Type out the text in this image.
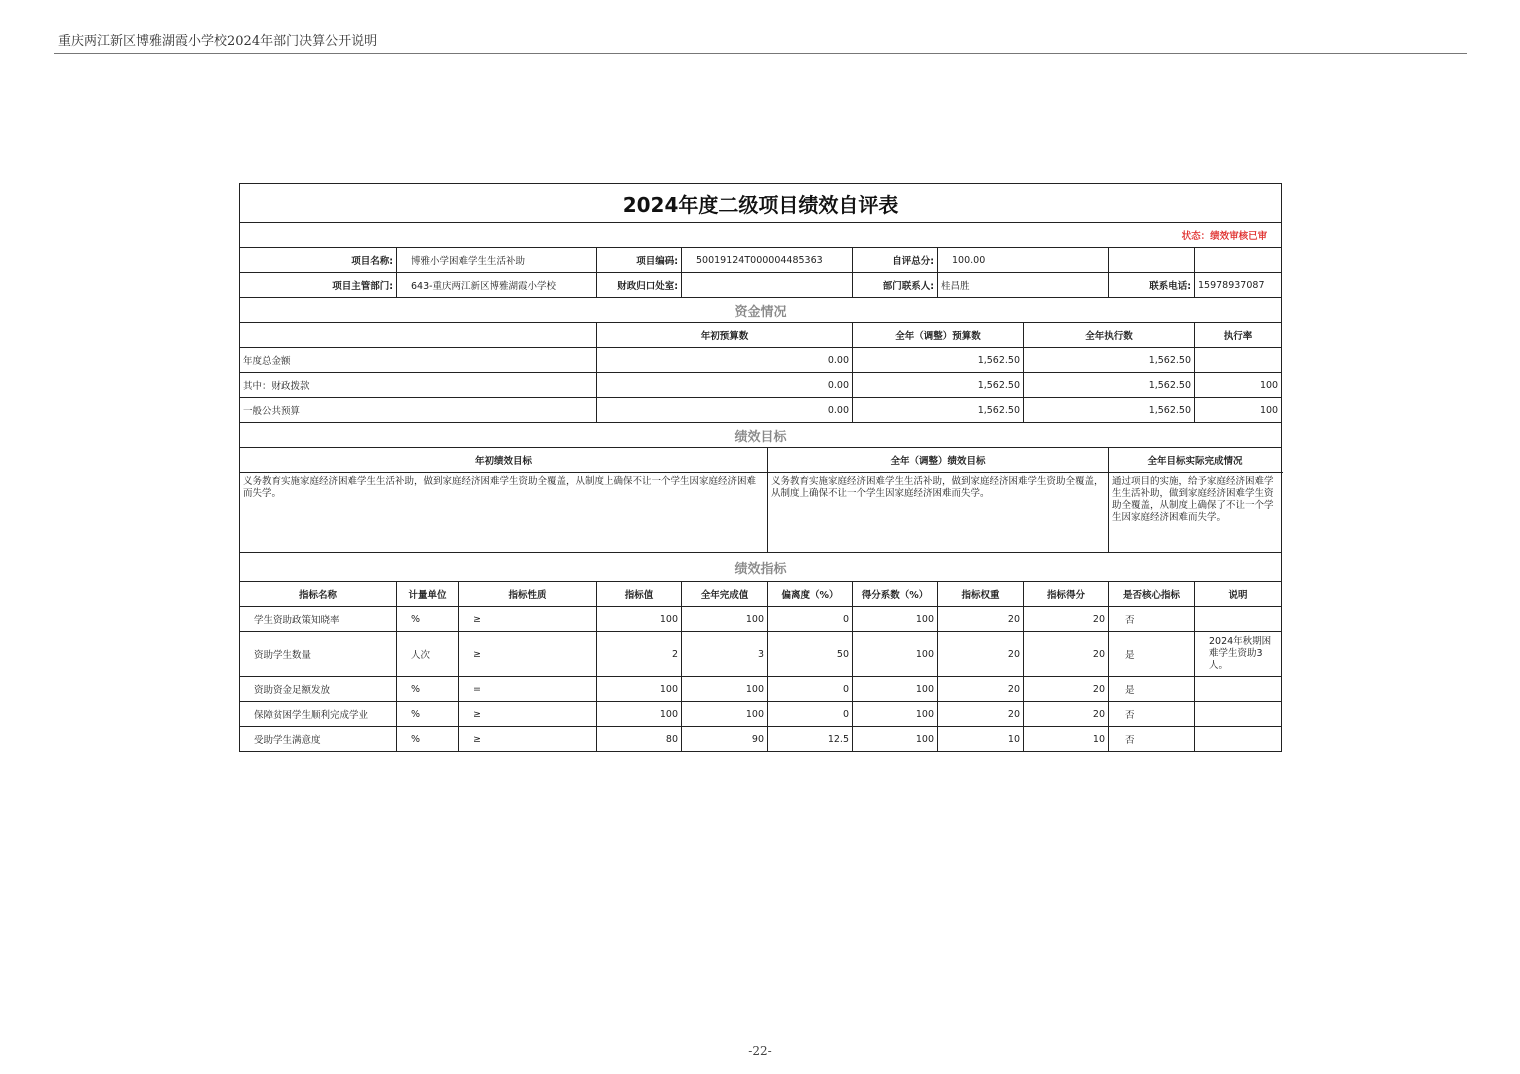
重庆两江新区博雅湖霞小学校2024年部门决算公开说明
2024年度二级项目绩效自评表											
状态：绩效审核已审											
项目名称:	博雅小学困难学生生活补助		项目编码:	50019124T000004485363		自评总分:	100.00				
项目主管部门:	643-重庆两江新区博雅湖霞小学校		财政归口处室:			部门联系人:	桂昌胜		联系电话:	15978937087	
资金情况											
			年初预算数			全年（调整）预算数		全年执行数		执行率		
年度总金额			0.00			1,562.50		1,562.50			
其中：财政拨款			0.00			1,562.50		1,562.50		100		
一般公共预算			0.00			1,562.50		1,562.50		100		
绩效目标											
年初绩效目标					全年（调整）绩效目标				全年目标实际完成情况		
义务教育实施家庭经济困难学生生活补助，做到家庭经济困难学生资助全覆盖，从制度上确保不让一个学生因家庭经济困难而失学。					义务教育实施家庭经济困难学生生活补助，做到家庭经济困难学生资助全覆盖，从制度上确保不让一个学生因家庭经济困难而失学。				通过项目的实施，给予家庭经济困难学生生活补助，做到家庭经济困难学生资助全覆盖，从制度上确保了不让一个学生因家庭经济困难而失学。		
绩效指标											
指标名称	计量单位	指标性质	指标值	全年完成值	偏离度（%）	得分系数（%）	指标权重	指标得分	是否核心指标	说明	
学生资助政策知晓率	%	≥	100	100	0	100	20	20	否		
资助学生数量	人次	≥	2	3	50	100	20	20	是	2024年秋期困难学生资助3人。	
资助资金足额发放	%	=	100	100	0	100	20	20	是		
保障贫困学生顺利完成学业	%	≥	100	100	0	100	20	20	否		
受助学生满意度	%	≥	80	90	12.5	100	10	10	否		
-22-
